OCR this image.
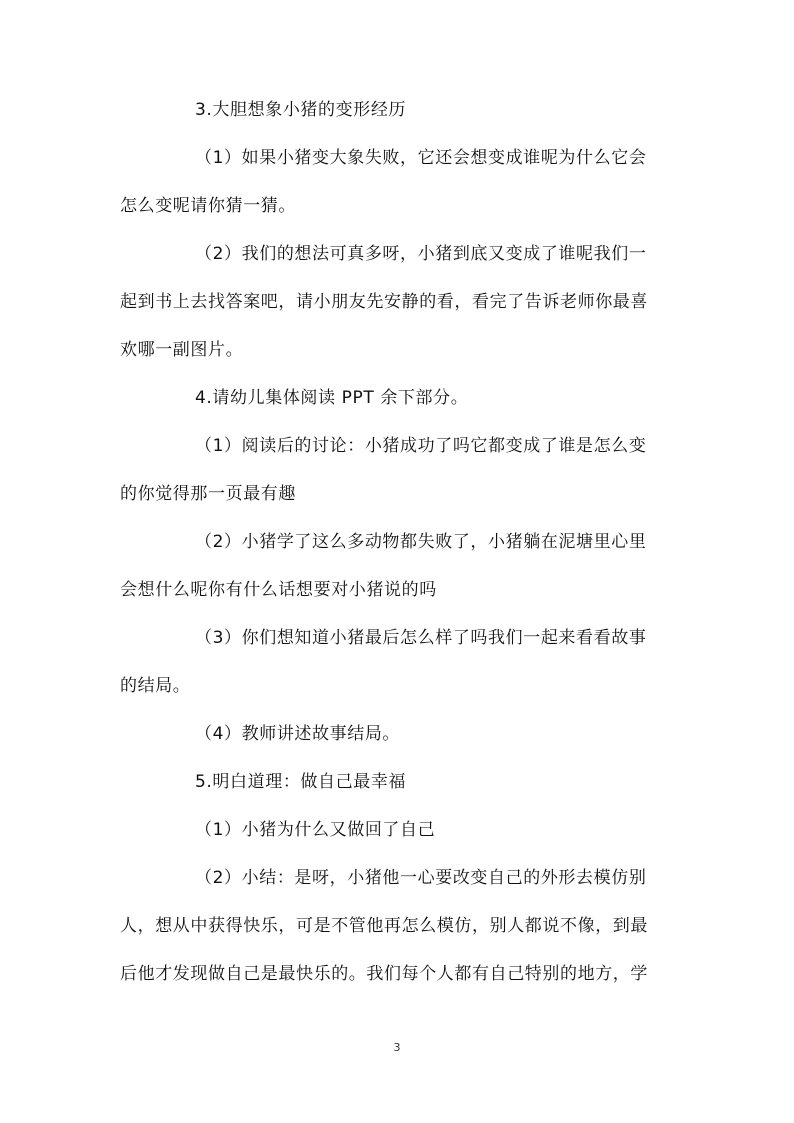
3.大胆想象小猪的变形经历
（1）如果小猪变大象失败，它还会想变成谁呢为什么它会
怎么变呢请你猜一猜。
（2）我们的想法可真多呀，小猪到底又变成了谁呢我们一
起到书上去找答案吧，请小朋友先安静的看，看完了告诉老师你最喜
欢哪一副图片。
4.请幼儿集体阅读 PPT 余下部分。
（1）阅读后的讨论：小猪成功了吗它都变成了谁是怎么变
的你觉得那一页最有趣
（2）小猪学了这么多动物都失败了，小猪躺在泥塘里心里
会想什么呢你有什么话想要对小猪说的吗
（3）你们想知道小猪最后怎么样了吗我们一起来看看故事
的结局。
（4）教师讲述故事结局。
5.明白道理：做自己最幸福
（1）小猪为什么又做回了自己
（2）小结：是呀，小猪他一心要改变自己的外形去模仿别
人，想从中获得快乐，可是不管他再怎么模仿，别人都说不像，到最
后他才发现做自己是最快乐的。我们每个人都有自己特别的地方，学
3
